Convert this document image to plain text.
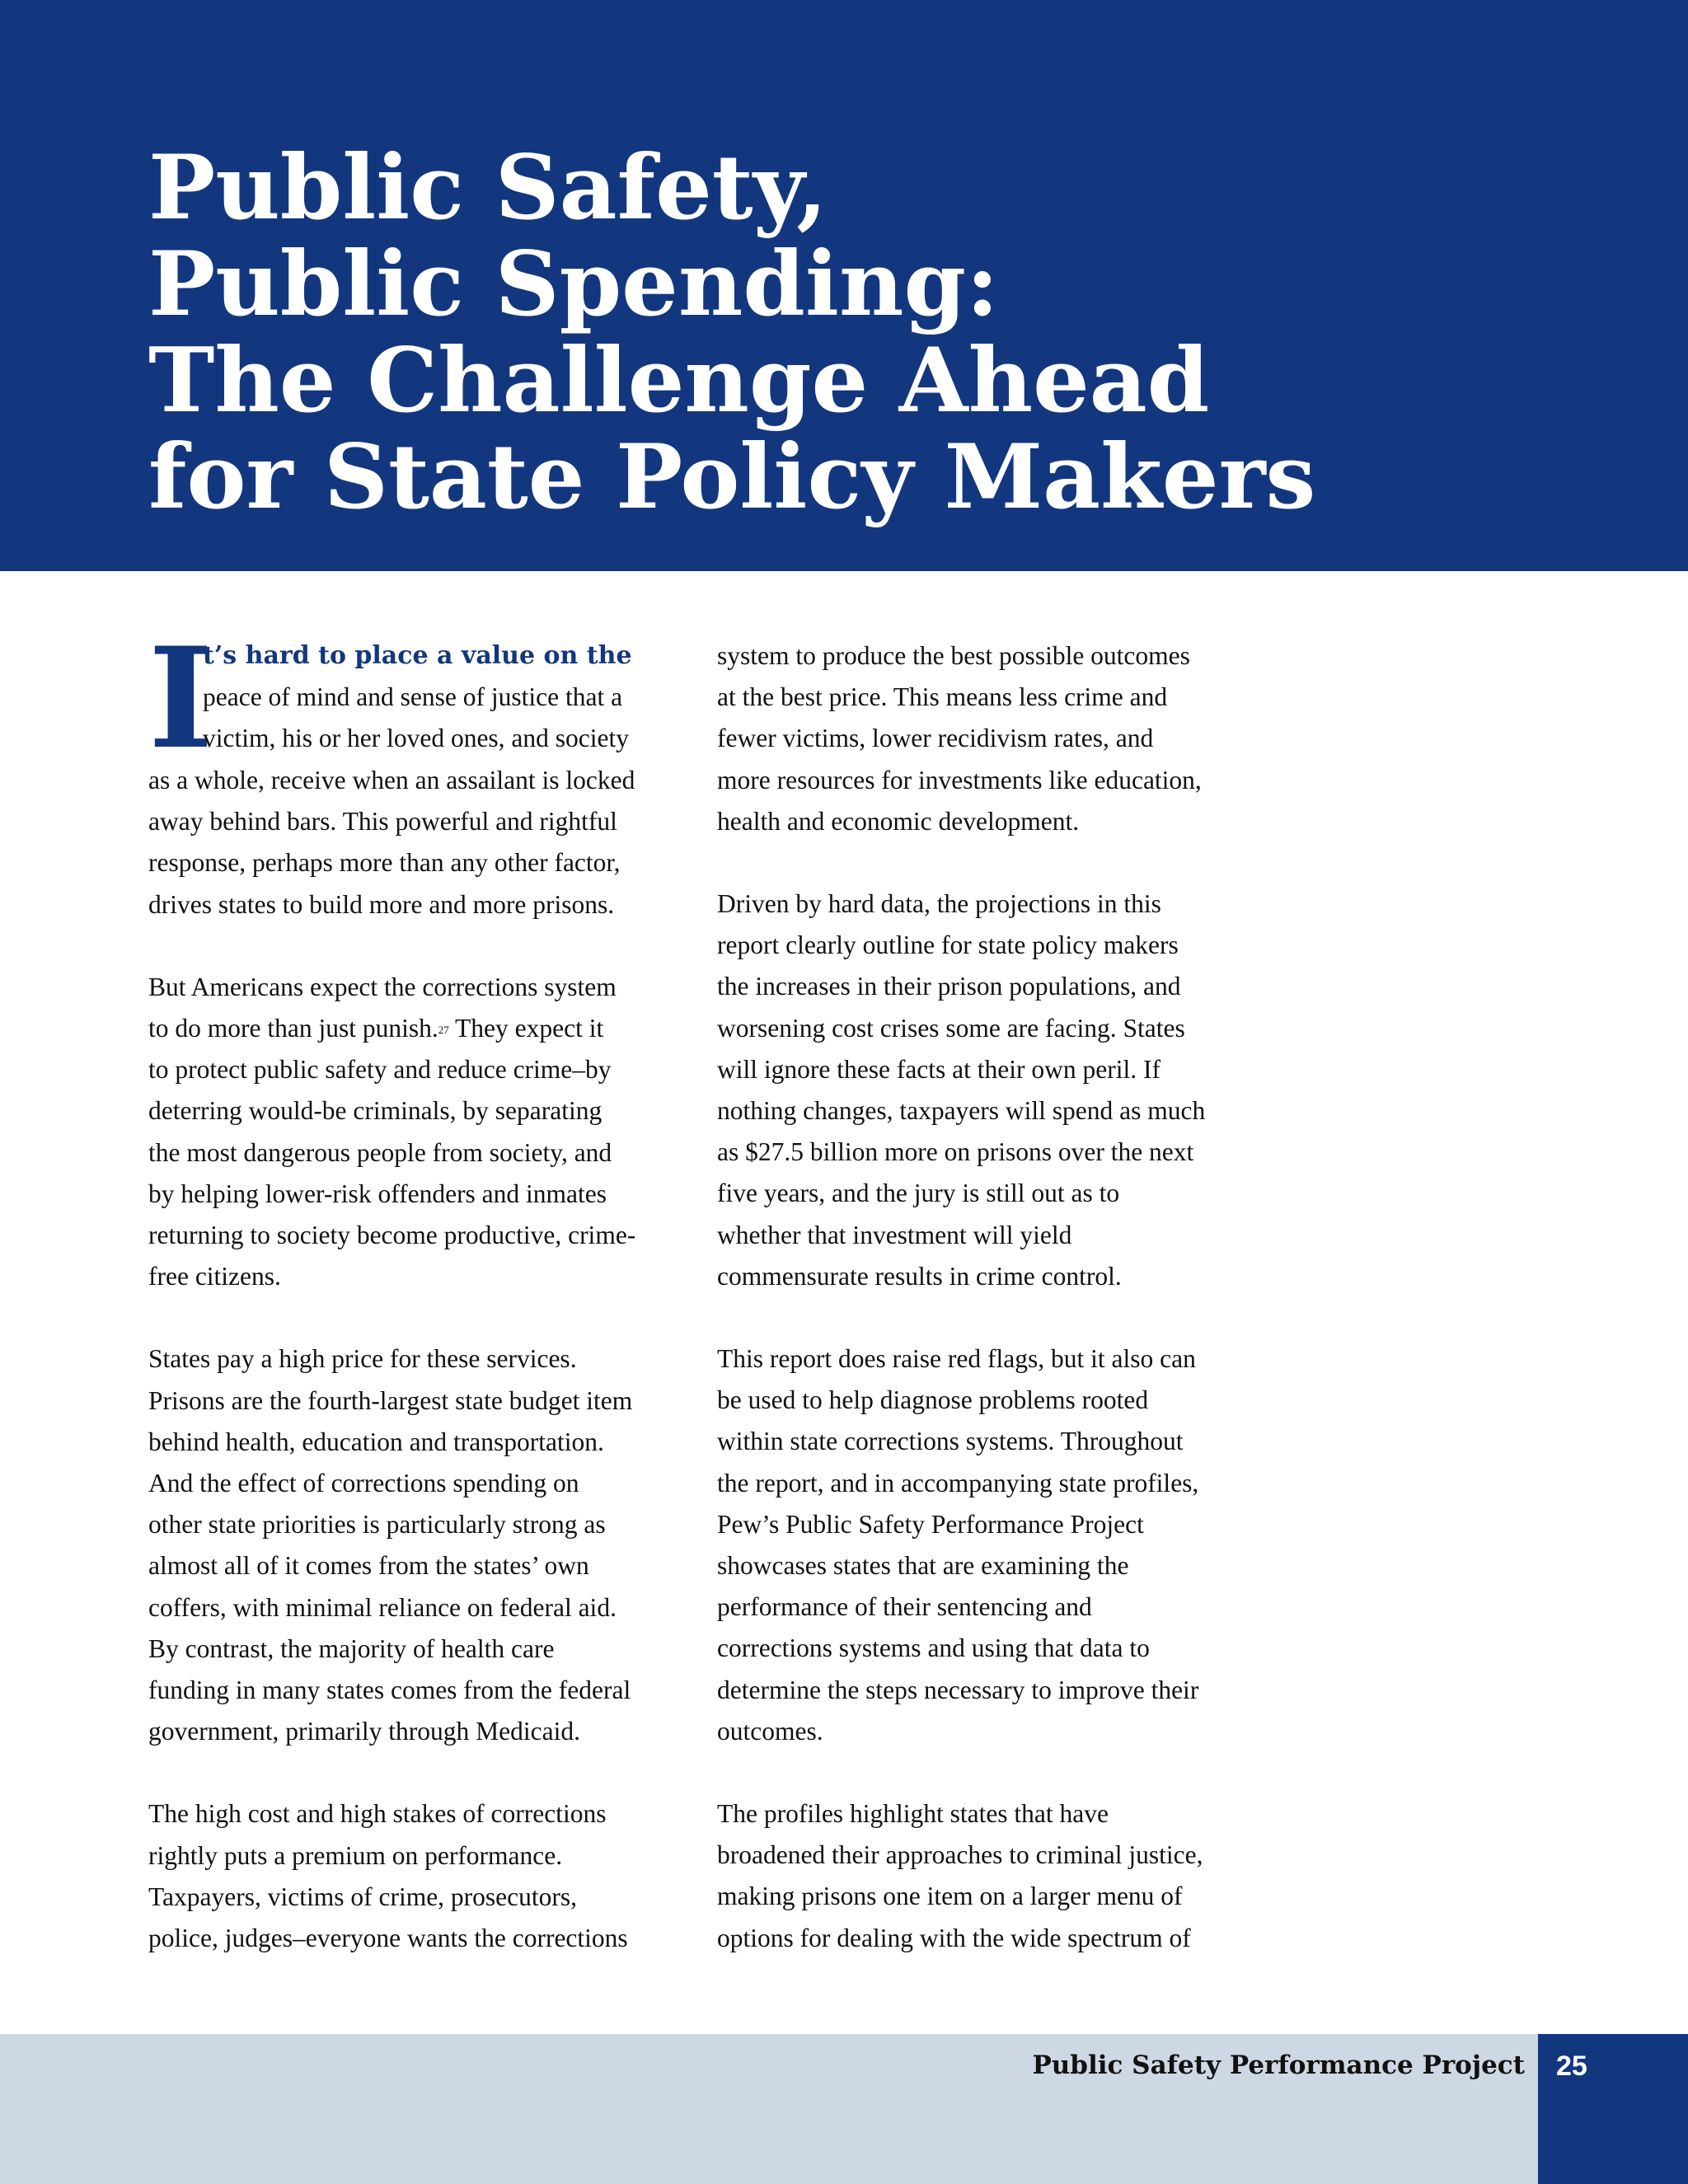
Public Safety,
Public Spending:
The Challenge Ahead
for State Policy Makers
I
t’s hard to place a value on the
peace of mind and sense of justice that a
victim, his or her loved ones, and society

as a whole, receive when an assailant is locked
away behind bars. This powerful and rightful
response, perhaps more than any other factor,
drives states to build more and more prisons.

But Americans expect the corrections system
to do more than just punish.$^{27}$ They expect it
to protect public safety and reduce crime–by
deterring would-be criminals, by separating
the most dangerous people from society, and
by helping lower-risk offenders and inmates
returning to society become productive, crime-
free citizens.

States pay a high price for these services.
Prisons are the fourth-largest state budget item
behind health, education and transportation.
And the effect of corrections spending on
other state priorities is particularly strong as
almost all of it comes from the states’ own
coffers, with minimal reliance on federal aid.
By contrast, the majority of health care
funding in many states comes from the federal
government, primarily through Medicaid.

The high cost and high stakes of corrections
rightly puts a premium on performance.
Taxpayers, victims of crime, prosecutors,
police, judges–everyone wants the corrections

system to produce the best possible outcomes
at the best price. This means less crime and
fewer victims, lower recidivism rates, and
more resources for investments like education,
health and economic development.

Driven by hard data, the projections in this
report clearly outline for state policy makers
the increases in their prison populations, and
worsening cost crises some are facing. States
will ignore these facts at their own peril. If
nothing changes, taxpayers will spend as much
as $27.5 billion more on prisons over the next
five years, and the jury is still out as to
whether that investment will yield
commensurate results in crime control.

This report does raise red flags, but it also can
be used to help diagnose problems rooted
within state corrections systems. Throughout
the report, and in accompanying state profiles,
Pew’s Public Safety Performance Project
showcases states that are examining the
performance of their sentencing and
corrections systems and using that data to
determine the steps necessary to improve their
outcomes.

The profiles highlight states that have
broadened their approaches to criminal justice,
making prisons one item on a larger menu of
options for dealing with the wide spectrum of

Public Safety Performance Project 25
